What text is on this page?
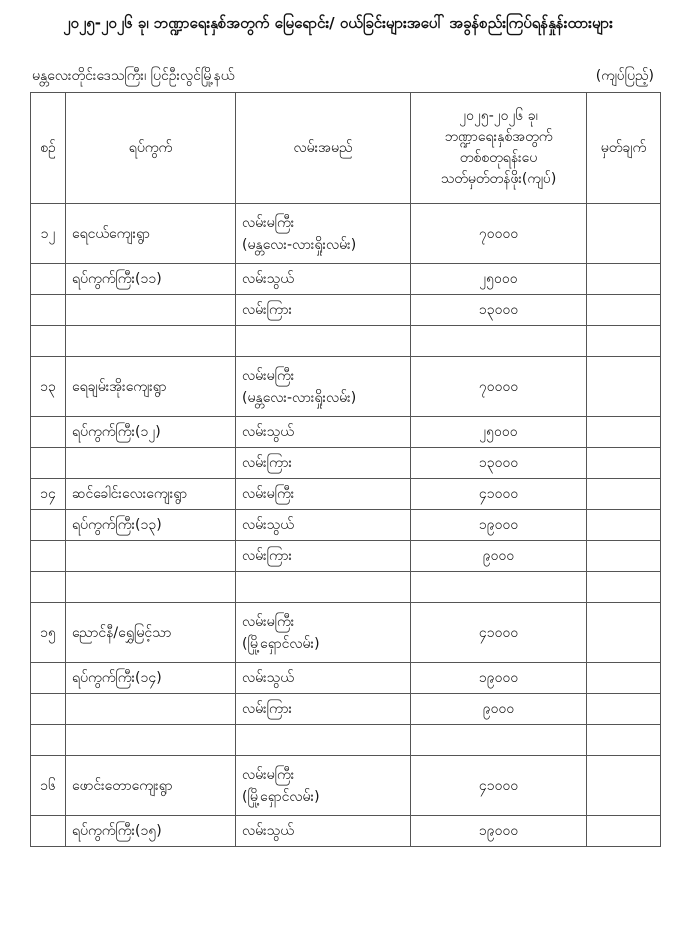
၂၀၂၅-၂၀၂၆ ခု၊ ဘဏ္ဍာရေးနှစ်အတွက် မြေရောင်း/ ဝယ်ခြင်းများအပေါ် အခွန်စည်းကြပ်ရန်နှုန်းထားများ
မန္တလေးတိုင်းဒေသကြီး၊ ပြင်ဦးလွင်မြို့နယ်	(ကျပ်ပြည့်)
စဉ်	ရပ်ကွက်	လမ်းအမည်	၂၀၂၅-၂၀၂၆ ခု၊
ဘဏ္ဍာရေးနှစ်အတွက်
တစ်စတုရန်းပေ
သတ်မှတ်တန်ဖိုး(ကျပ်)	မှတ်ချက်
၁၂	ရေငယ်ကျေးရွာ	လမ်းမကြီး
(မန္တလေး-လားရှိုးလမ်း)	၇၀၀၀၀	
	ရပ်ကွက်ကြီး(၁၁)	လမ်းသွယ်	၂၅၀၀၀	

		လမ်းကြား	၁၃၀၀၀	

၁၃	ရေချမ်းအိုးကျေးရွာ	လမ်းမကြီး
(မန္တလေး-လားရှိုးလမ်း)	၇၀၀၀၀	
	ရပ်ကွက်ကြီး(၁၂)	လမ်းသွယ်	၂၅၀၀၀	

		လမ်းကြား	၁၃၀၀၀	
၁၄	ဆင်ခေါင်းလေးကျေးရွာ	လမ်းမကြီး	၄၁၀၀၀	
	ရပ်ကွက်ကြီး(၁၃)	လမ်းသွယ်	၁၉၀၀၀	

		လမ်းကြား	၉၀၀၀	

၁၅	ညောင်နီ/ရွှေမြင့်သာ	လမ်းမကြီး
(မြို့ရှောင်လမ်း)	၄၁၀၀၀	
	ရပ်ကွက်ကြီး(၁၄)	လမ်းသွယ်	၁၉၀၀၀	

		လမ်းကြား	၉၀၀၀	

၁၆	ဖောင်းတောကျေးရွာ	လမ်းမကြီး
(မြို့ရှောင်လမ်း)	၄၁၀၀၀	
	ရပ်ကွက်ကြီး(၁၅)	လမ်းသွယ်	၁၉၀၀၀	
